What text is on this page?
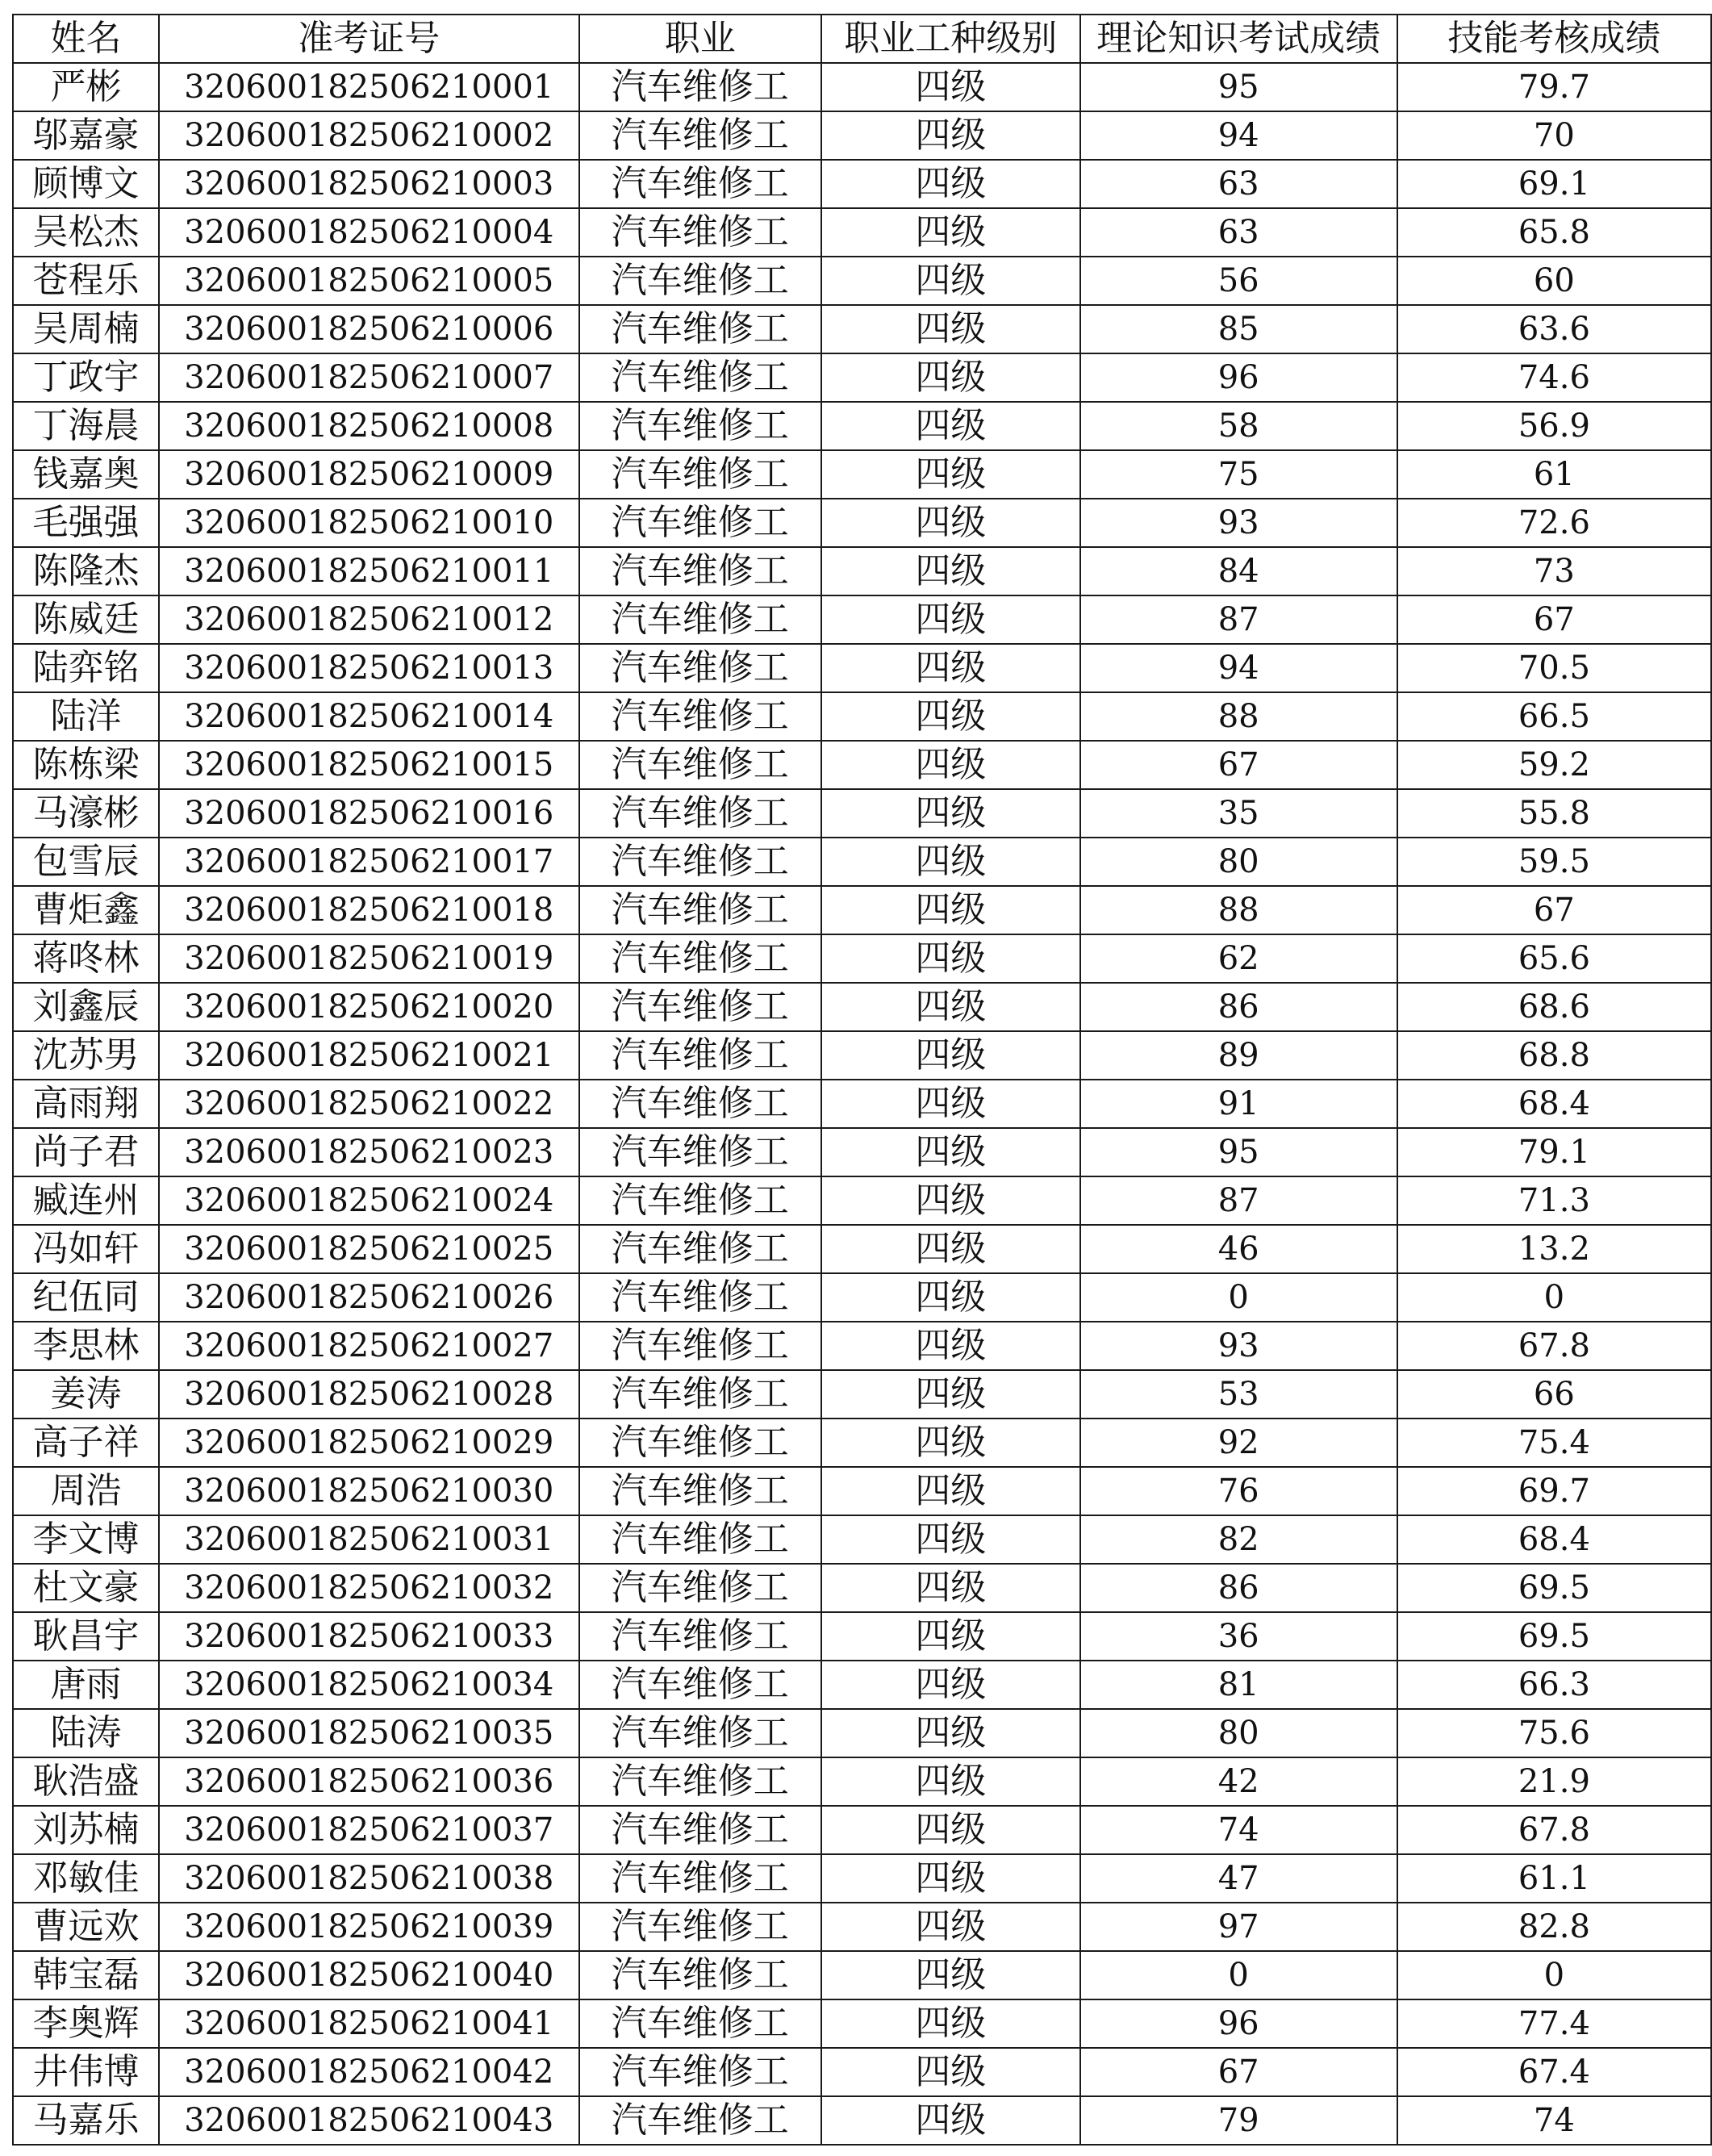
姓名	准考证号	职业	职业工种级别	理论知识考试成绩	技能考核成绩
严彬	320600182506210001	汽车维修工	四级	95	79.7
邬嘉豪	320600182506210002	汽车维修工	四级	94	70
顾博文	320600182506210003	汽车维修工	四级	63	69.1
吴松杰	320600182506210004	汽车维修工	四级	63	65.8
苍程乐	320600182506210005	汽车维修工	四级	56	60
吴周楠	320600182506210006	汽车维修工	四级	85	63.6
丁政宇	320600182506210007	汽车维修工	四级	96	74.6
丁海晨	320600182506210008	汽车维修工	四级	58	56.9
钱嘉奥	320600182506210009	汽车维修工	四级	75	61
毛强强	320600182506210010	汽车维修工	四级	93	72.6
陈隆杰	320600182506210011	汽车维修工	四级	84	73
陈威廷	320600182506210012	汽车维修工	四级	87	67
陆弈铭	320600182506210013	汽车维修工	四级	94	70.5
陆洋	320600182506210014	汽车维修工	四级	88	66.5
陈栋梁	320600182506210015	汽车维修工	四级	67	59.2
马濠彬	320600182506210016	汽车维修工	四级	35	55.8
包雪辰	320600182506210017	汽车维修工	四级	80	59.5
曹炬鑫	320600182506210018	汽车维修工	四级	88	67
蒋咚林	320600182506210019	汽车维修工	四级	62	65.6
刘鑫辰	320600182506210020	汽车维修工	四级	86	68.6
沈苏男	320600182506210021	汽车维修工	四级	89	68.8
高雨翔	320600182506210022	汽车维修工	四级	91	68.4
尚子君	320600182506210023	汽车维修工	四级	95	79.1
臧连州	320600182506210024	汽车维修工	四级	87	71.3
冯如轩	320600182506210025	汽车维修工	四级	46	13.2
纪伍同	320600182506210026	汽车维修工	四级	0	0
李思林	320600182506210027	汽车维修工	四级	93	67.8
姜涛	320600182506210028	汽车维修工	四级	53	66
高子祥	320600182506210029	汽车维修工	四级	92	75.4
周浩	320600182506210030	汽车维修工	四级	76	69.7
李文博	320600182506210031	汽车维修工	四级	82	68.4
杜文豪	320600182506210032	汽车维修工	四级	86	69.5
耿昌宇	320600182506210033	汽车维修工	四级	36	69.5
唐雨	320600182506210034	汽车维修工	四级	81	66.3
陆涛	320600182506210035	汽车维修工	四级	80	75.6
耿浩盛	320600182506210036	汽车维修工	四级	42	21.9
刘苏楠	320600182506210037	汽车维修工	四级	74	67.8
邓敏佳	320600182506210038	汽车维修工	四级	47	61.1
曹远欢	320600182506210039	汽车维修工	四级	97	82.8
韩宝磊	320600182506210040	汽车维修工	四级	0	0
李奥辉	320600182506210041	汽车维修工	四级	96	77.4
井伟博	320600182506210042	汽车维修工	四级	67	67.4
马嘉乐	320600182506210043	汽车维修工	四级	79	74
